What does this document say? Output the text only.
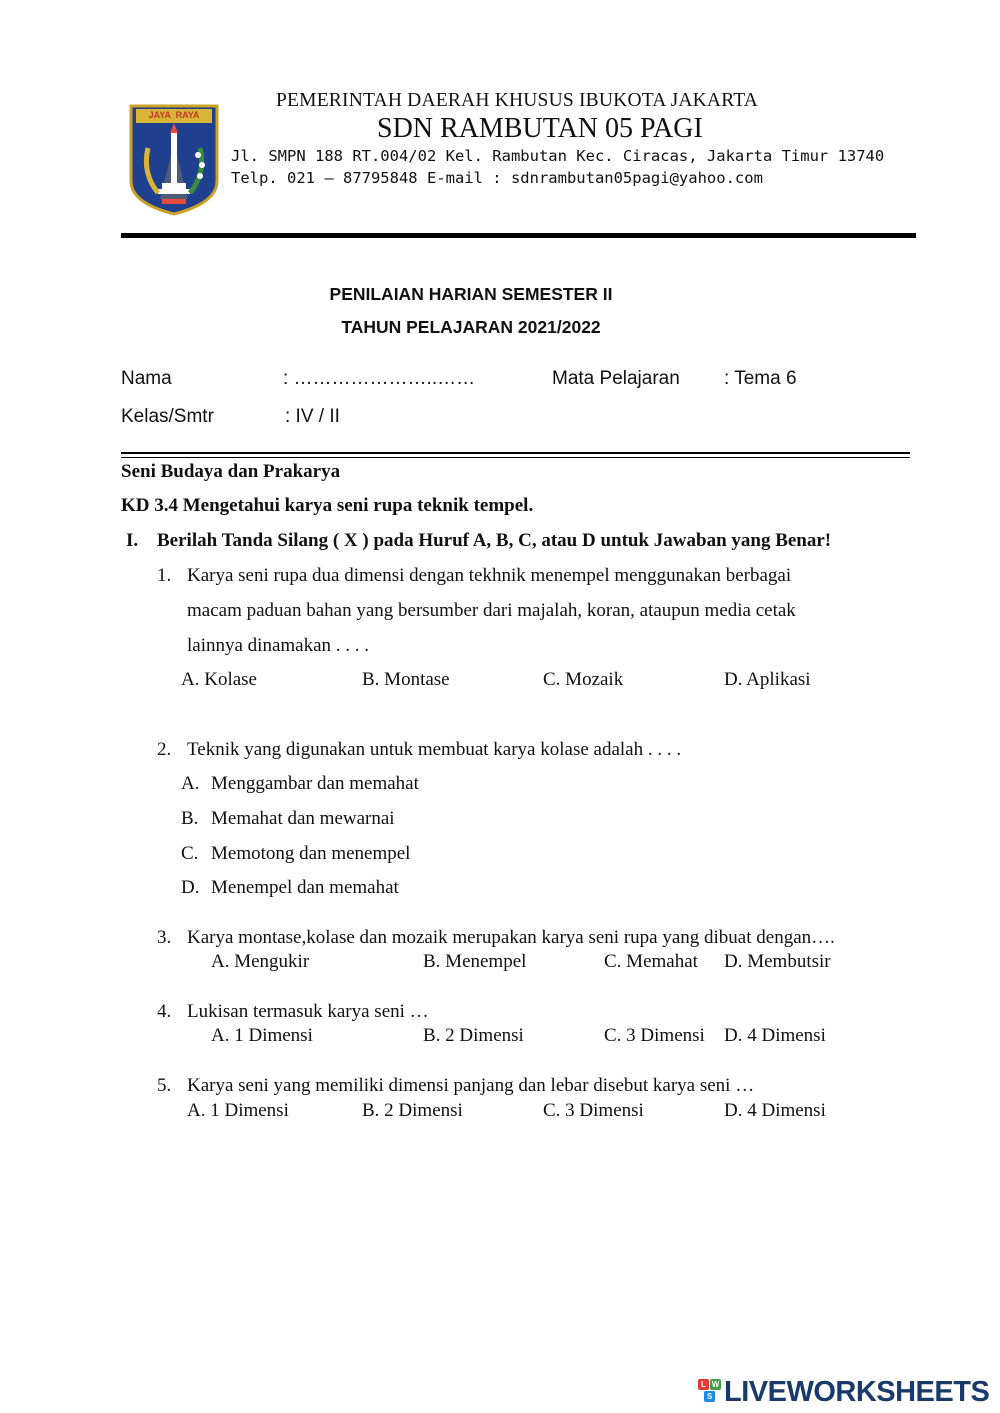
JAYA  RAYA
PEMERINTAH DAERAH KHUSUS IBUKOTA JAKARTA
SDN RAMBUTAN 05 PAGI
Jl. SMPN 188 RT.004/02 Kel. Rambutan Kec. Ciracas, Jakarta Timur 13740
Telp. 021 – 87795848 E-mail : sdnrambutan05pagi@yahoo.com
PENILAIAN HARIAN SEMESTER II
TAHUN PELAJARAN 2021/2022
Nama	: …………………..……	Mata Pelajaran : Tema 6
Kelas/Smtr	: IV / II
Seni Budaya dan Prakarya
KD 3.4 Mengetahui karya seni rupa teknik tempel.
I. Berilah Tanda Silang ( X ) pada Huruf A, B, C, atau D untuk Jawaban yang Benar!
1. Karya seni rupa dua dimensi dengan tekhnik menempel menggunakan berbagai
macam paduan bahan yang bersumber dari majalah, koran, ataupun media cetak
lainnya dinamakan . . . .
A. Kolase	B. Montase	C. Mozaik	D. Aplikasi
2. Teknik yang digunakan untuk membuat karya kolase adalah . . . .
A. Menggambar dan memahat
B. Memahat dan mewarnai
C. Memotong dan menempel
D. Menempel dan memahat
3. Karya montase,kolase dan mozaik merupakan karya seni rupa yang dibuat dengan….
A. Mengukir	B. Menempel	C. Memahat D. Membutsir
4. Lukisan termasuk karya seni …
A. 1 Dimensi	B. 2 Dimensi	C. 3 Dimensi D. 4 Dimensi
5. Karya seni yang memiliki dimensi panjang dan lebar disebut karya seni …
A. 1 Dimensi	B. 2 Dimensi	C. 3 Dimensi	D. 4 Dimensi
L W
S LIVEWORKSHEETS
